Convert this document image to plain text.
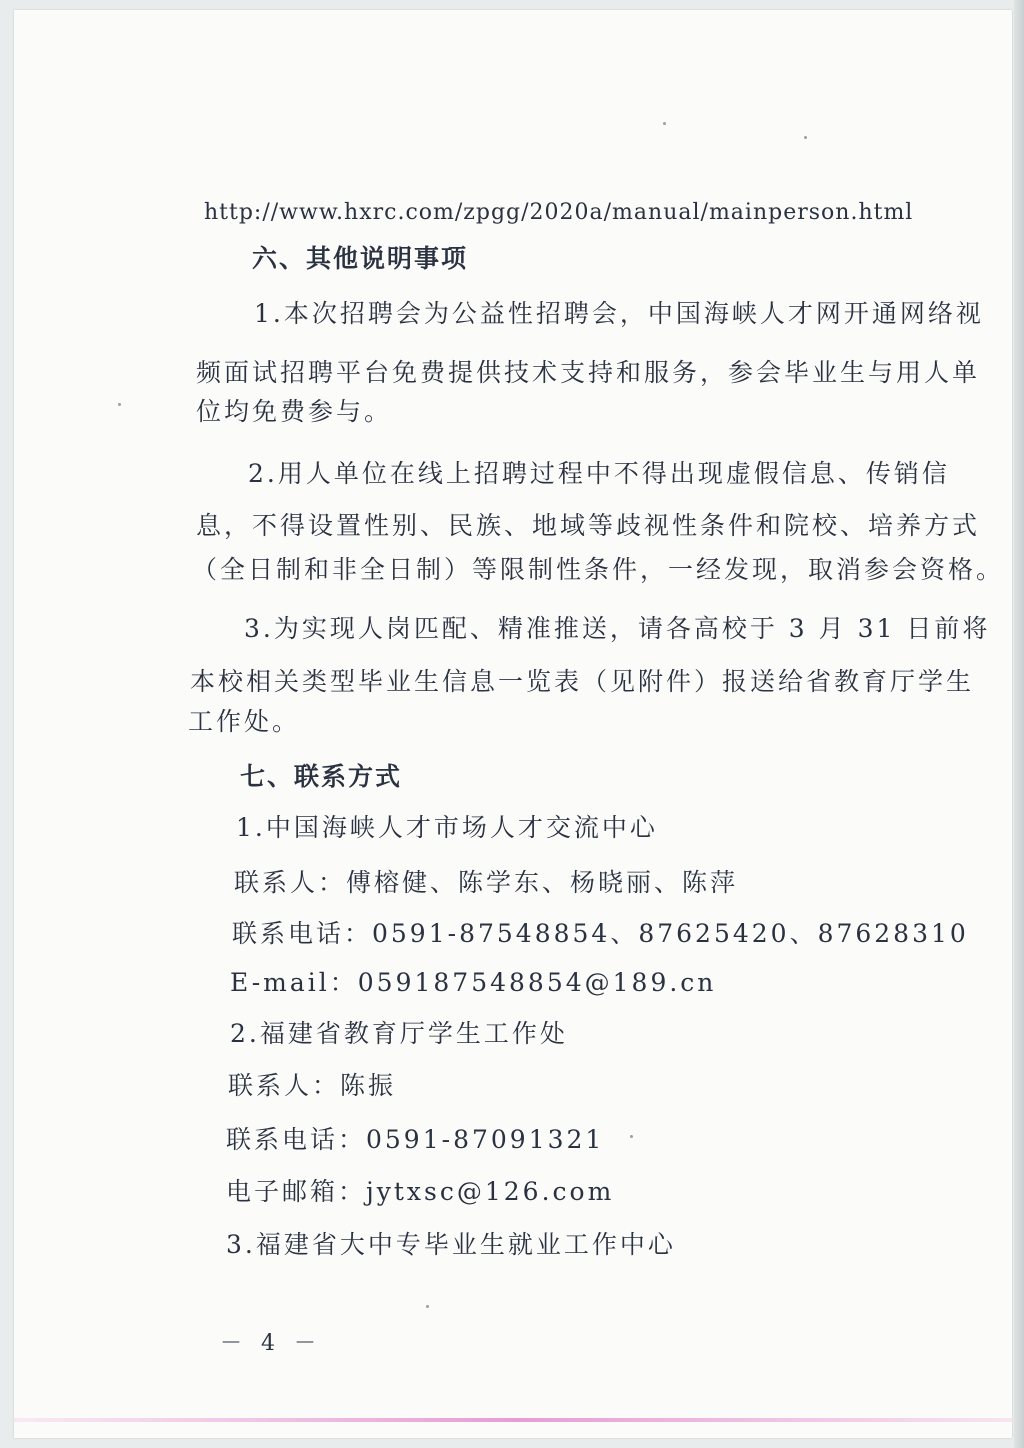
http://www.hxrc.com/zpgg/2020a/manual/mainperson.html
六、其他说明事项
1.本次招聘会为公益性招聘会，中国海峡人才网开通网络视
频面试招聘平台免费提供技术支持和服务，参会毕业生与用人单
位均免费参与。
2.用人单位在线上招聘过程中不得出现虚假信息、传销信
息，不得设置性别、民族、地域等歧视性条件和院校、培养方式
（全日制和非全日制）等限制性条件，一经发现，取消参会资格。
3.为实现人岗匹配、精准推送，请各高校于 3 月 31 日前将
本校相关类型毕业生信息一览表（见附件）报送给省教育厅学生
工作处。
七、联系方式
1.中国海峡人才市场人才交流中心
联系人：傅榕健、陈学东、杨晓丽、陈萍
联系电话：0591-87548854、87625420、87628310
E-mail：059187548854@189.cn
2.福建省教育厅学生工作处
联系人：陈振
联系电话：0591-87091321
电子邮箱：jytxsc@126.com
3.福建省大中专毕业生就业工作中心
－ 4 －
